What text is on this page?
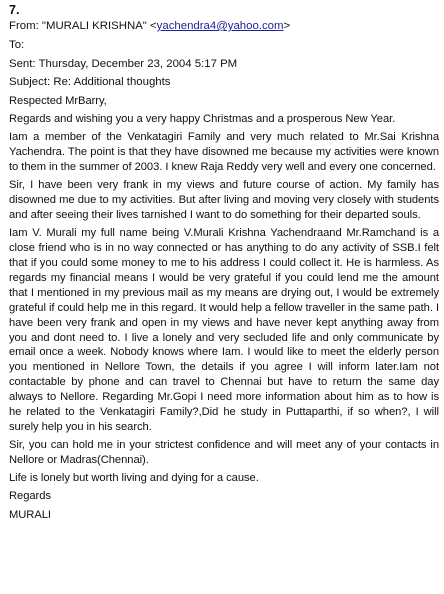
7.
From: "MURALI KRISHNA" <yachendra4@yahoo.com>
To:
Sent: Thursday, December 23, 2004 5:17 PM
Subject: Re: Additional thoughts

Respected MrBarry,

Regards and wishing you a very happy Christmas and a prosperous New Year.

Iam a member of the Venkatagiri Family and very much related to Mr.Sai Krishna Yachendra. The point is that they have disowned me because my activities were known to them in the summer of 2003. I knew Raja Reddy very well and every one concerned.

Sir, I have been very frank in my views and future course of action. My family has disowned me due to my activities. But after living and moving very closely with students and after seeing their lives tarnished I want to do something for their departed souls.

Iam V. Murali my full name being V.Murali Krishna Yachendraand Mr.Ramchand is a close friend who is in no way connected or has anything to do any activity of SSB.I felt that if you could some money to me to his address I could collect it. He is harmless. As regards my financial means I would be very grateful if you could lend me the amount that I mentioned in my previous mail as my means are drying out, I would be extremely grateful if could help me in this regard. It would help a fellow traveller in the same path. I have been very frank and open in my views and have never kept anything away from you and dont need to. I live a lonely and very secluded life and only communicate by email once a week. Nobody knows where Iam. I would like to meet the elderly person you mentioned in Nellore Town, the details if you agree I will inform later.Iam not contactable by phone and can travel to Chennai but have to return the same day always to Nellore. Regarding Mr.Gopi I need more information about him as to how is he related to the Venkatagiri Family?,Did he study in Puttaparthi, if so when?, I will surely help you in his search.

Sir, you can hold me in your strictest confidence and will meet any of your contacts in Nellore or Madras(Chennai).

Life is lonely but worth living and dying for a cause.

Regards

MURALI
